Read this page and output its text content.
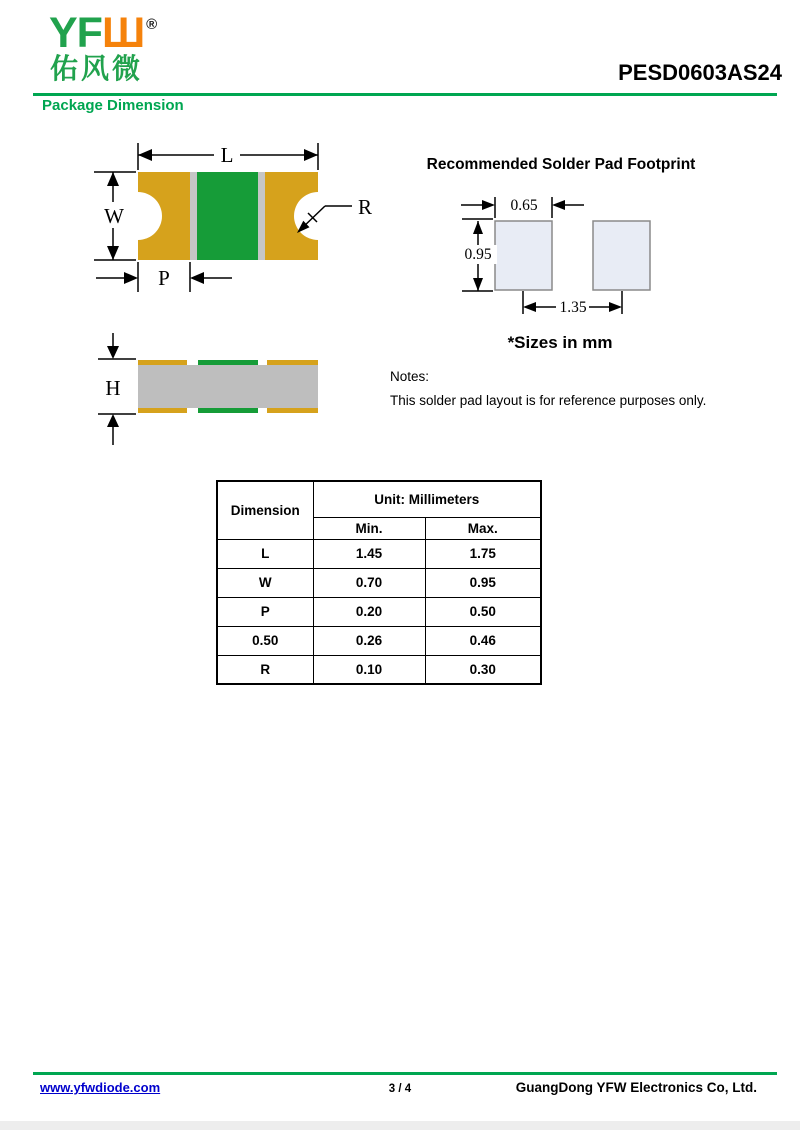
YFШ ®
佑风微	PESD0603AS24
Package Dimension
L
W
P
R
Recommended Solder Pad Footprint
0.65
0.95
1.35
*Sizes in mm
H	Notes:
This solder pad layout is for reference purposes only.
Dimension	Unit: Millimeters	
	Min.	Max.
L	1.45	1.75
W	0.70	0.95
P	0.20	0.50
0.50	0.26	0.46
R	0.10	0.30
www.yfwdiode.com	3 / 4	GuangDong YFW Electronics Co, Ltd.
